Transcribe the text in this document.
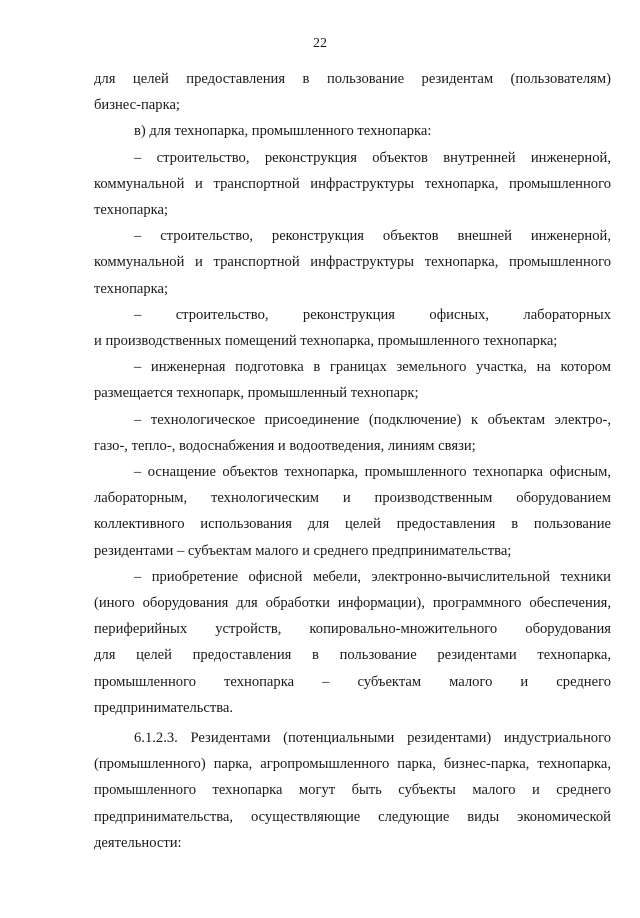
22
для целей предоставления в пользование резидентам (пользователям)
бизнес-парка;
в) для технопарка, промышленного технопарка:
– строительство, реконструкция объектов внутренней инженерной,
коммунальной и транспортной инфраструктуры технопарка, промышленного
технопарка;
– строительство, реконструкция объектов внешней инженерной,
коммунальной и транспортной инфраструктуры технопарка, промышленного
технопарка;
– строительство, реконструкция офисных, лабораторных
и производственных помещений технопарка, промышленного технопарка;
– инженерная подготовка в границах земельного участка, на котором
размещается технопарк, промышленный технопарк;
– технологическое присоединение (подключение) к объектам электро-,
газо-, тепло-, водоснабжения и водоотведения, линиям связи;
– оснащение объектов технопарка, промышленного технопарка офисным,
лабораторным, технологическим и производственным оборудованием
коллективного использования для целей предоставления в пользование
резидентами – субъектам малого и среднего предпринимательства;
– приобретение офисной мебели, электронно-вычислительной техники
(иного оборудования для обработки информации), программного обеспечения,
периферийных устройств, копировально-множительного оборудования
для целей предоставления в пользование резидентами технопарка,
промышленного технопарка – субъектам малого и среднего
предпринимательства.
6.1.2.3. Резидентами (потенциальными резидентами) индустриального
(промышленного) парка, агропромышленного парка, бизнес-парка, технопарка,
промышленного технопарка могут быть субъекты малого и среднего
предпринимательства, осуществляющие следующие виды экономической
деятельности:
